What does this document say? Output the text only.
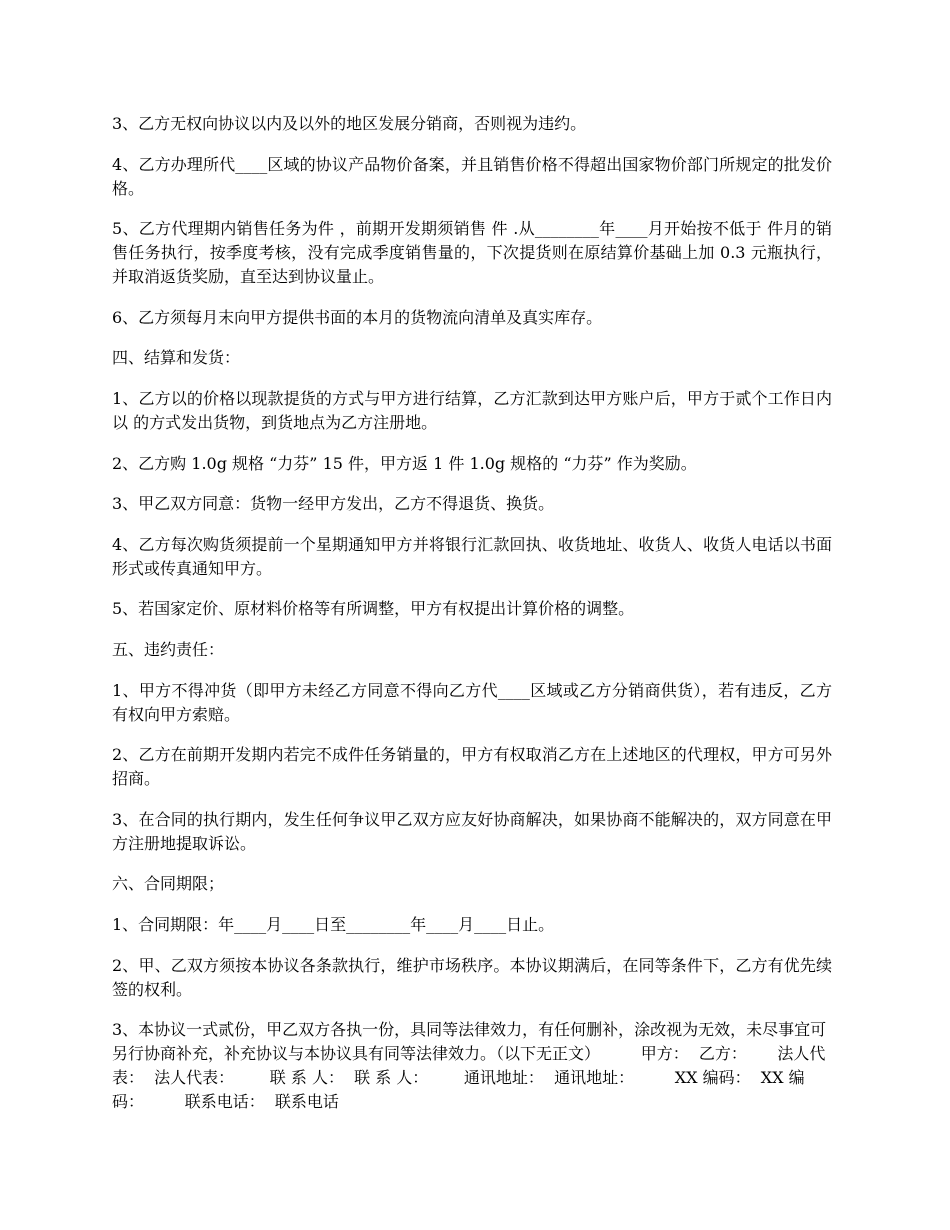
3、乙方无权向协议以内及以外的地区发展分销商，否则视为违约。

4、乙方办理所代____区域的协议产品物价备案，并且销售价格不得超出国家物价部门所规定的批发价格。

5、乙方代理期内销售任务为件 ，前期开发期须销售 件 .从________年____月开始按不低于 件月的销售任务执行，按季度考核，没有完成季度销售量的，下次提货则在原结算价基础上加 0.3 元瓶执行，并取消返货奖励，直至达到协议量止。

6、乙方须每月末向甲方提供书面的本月的货物流向清单及真实库存。

四、结算和发货：

1、乙方以的价格以现款提货的方式与甲方进行结算，乙方汇款到达甲方账户后，甲方于贰个工作日内以 的方式发出货物，到货地点为乙方注册地。

2、乙方购 1.0g 规格 “力芬” 15 件，甲方返 1 件 1.0g 规格的 “力芬” 作为奖励。

3、甲乙双方同意：货物一经甲方发出，乙方不得退货、换货。

4、乙方每次购货须提前一个星期通知甲方并将银行汇款回执、收货地址、收货人、收货人电话以书面形式或传真通知甲方。

5、若国家定价、原材料价格等有所调整，甲方有权提出计算价格的调整。

五、违约责任：

1、甲方不得冲货（即甲方未经乙方同意不得向乙方代____区域或乙方分销商供货），若有违反，乙方有权向甲方索赔。

2、乙方在前期开发期内若完不成件任务销量的，甲方有权取消乙方在上述地区的代理权，甲方可另外招商。

3、在合同的执行期内，发生任何争议甲乙双方应友好协商解决，如果协商不能解决的，双方同意在甲方注册地提取诉讼。

六、合同期限；

1、合同期限：年____月____日至________年____月____日止。

2、甲、乙双方须按本协议各条款执行，维护市场秩序。本协议期满后，在同等条件下，乙方有优先续签的权利。

3、本协议一式贰份，甲乙双方各执一份，具同等法律效力，有任何删补，涂改视为无效，未尽事宜可另行协商补充，补充协议与本协议具有同等法律效力。（以下无正文）        甲方：  乙方：      法人代表：  法人代表：       联 系 人：  联 系 人：       通讯地址：  通讯地址：        XX 编码：  XX 编码：        联系电话：  联系电话
